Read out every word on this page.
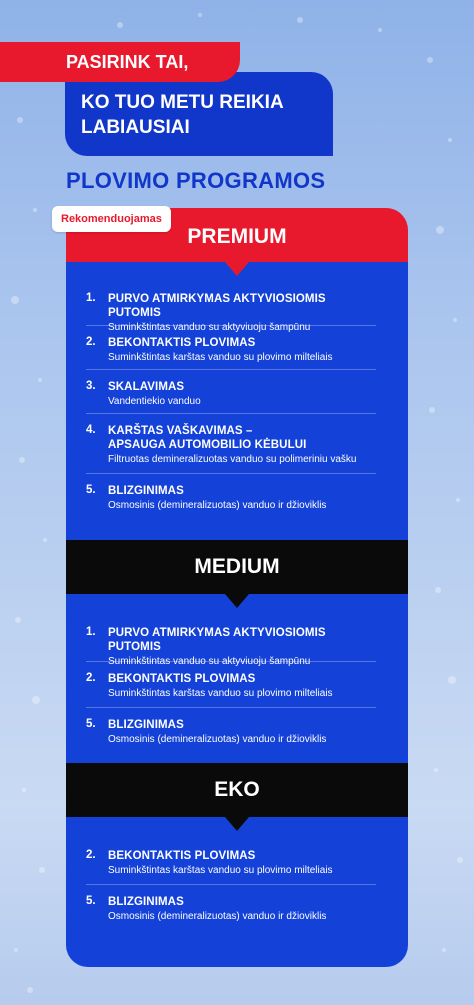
KO TUO METU REIKIA
LABIAUSIAI
PASIRINK TAI,
PLOVIMO PROGRAMOS
Rekomenduojamas
PREMIUM
1.	PURVO ATMIRKYMAS AKTYVIOSIOMIS PUTOMIS
Suminkštintas vanduo su aktyviuoju šampūnu
2.	BEKONTAKTIS PLOVIMAS
Suminkštintas karštas vanduo su plovimo milteliais
3.	SKALAVIMAS
Vandentiekio vanduo
4.	KARŠTAS VAŠKAVIMAS –
APSAUGA AUTOMOBILIO KĖBULUI
Filtruotas demineralizuotas vanduo su polimeriniu vašku
5.	BLIZGINIMAS
Osmosinis (demineralizuotas) vanduo ir džioviklis
MEDIUM
1.	PURVO ATMIRKYMAS AKTYVIOSIOMIS PUTOMIS
Suminkštintas vanduo su aktyviuoju šampūnu
2.	BEKONTAKTIS PLOVIMAS
Suminkštintas karštas vanduo su plovimo milteliais
5.	BLIZGINIMAS
Osmosinis (demineralizuotas) vanduo ir džioviklis
EKO
2.	BEKONTAKTIS PLOVIMAS
Suminkštintas karštas vanduo su plovimo milteliais
5.	BLIZGINIMAS
Osmosinis (demineralizuotas) vanduo ir džioviklis
